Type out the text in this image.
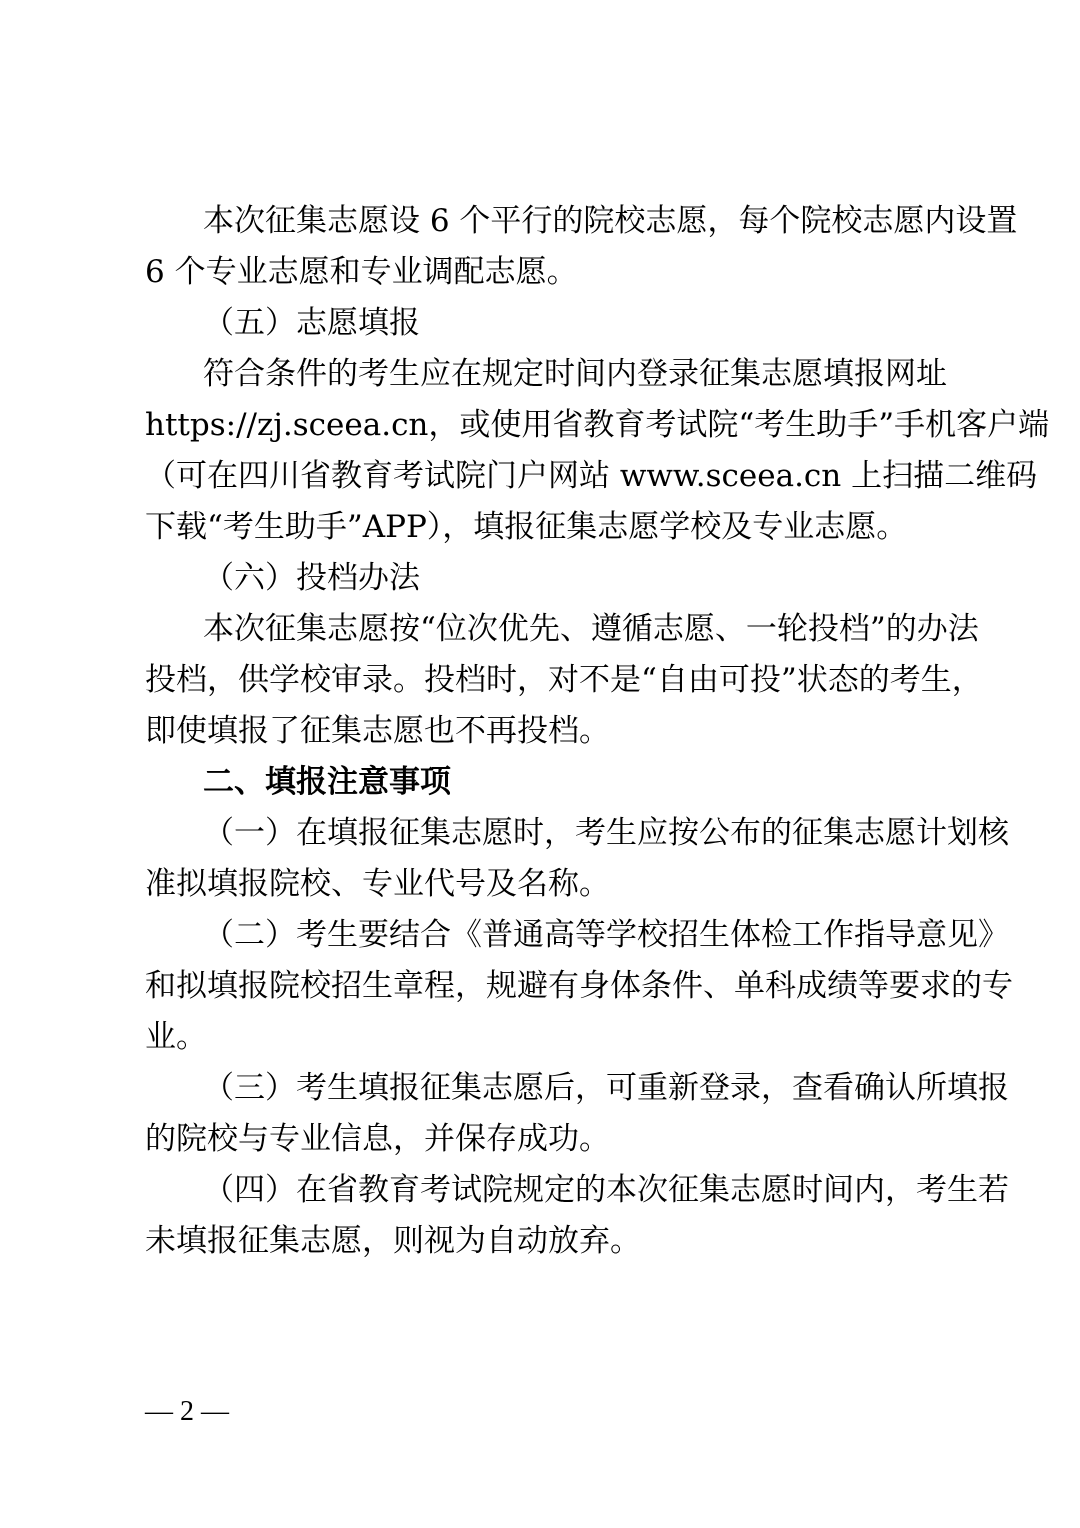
本次征集志愿设 6 个平行的院校志愿，每个院校志愿内设置
6 个专业志愿和专业调配志愿。
（五）志愿填报
符合条件的考生应在规定时间内登录征集志愿填报网址
https://zj.sceea.cn，或使用省教育考试院“考生助手”手机客户端
（可在四川省教育考试院门户网站 www.sceea.cn 上扫描二维码
下载“考生助手”APP），填报征集志愿学校及专业志愿。
（六）投档办法
本次征集志愿按“位次优先、遵循志愿、一轮投档”的办法
投档，供学校审录。投档时，对不是“自由可投”状态的考生，
即使填报了征集志愿也不再投档。
二、填报注意事项
（一）在填报征集志愿时，考生应按公布的征集志愿计划核
准拟填报院校、专业代号及名称。
（二）考生要结合《普通高等学校招生体检工作指导意见》
和拟填报院校招生章程，规避有身体条件、单科成绩等要求的专
业。
（三）考生填报征集志愿后，可重新登录，查看确认所填报
的院校与专业信息，并保存成功。
（四）在省教育考试院规定的本次征集志愿时间内，考生若
未填报征集志愿，则视为自动放弃。
— 2 —
